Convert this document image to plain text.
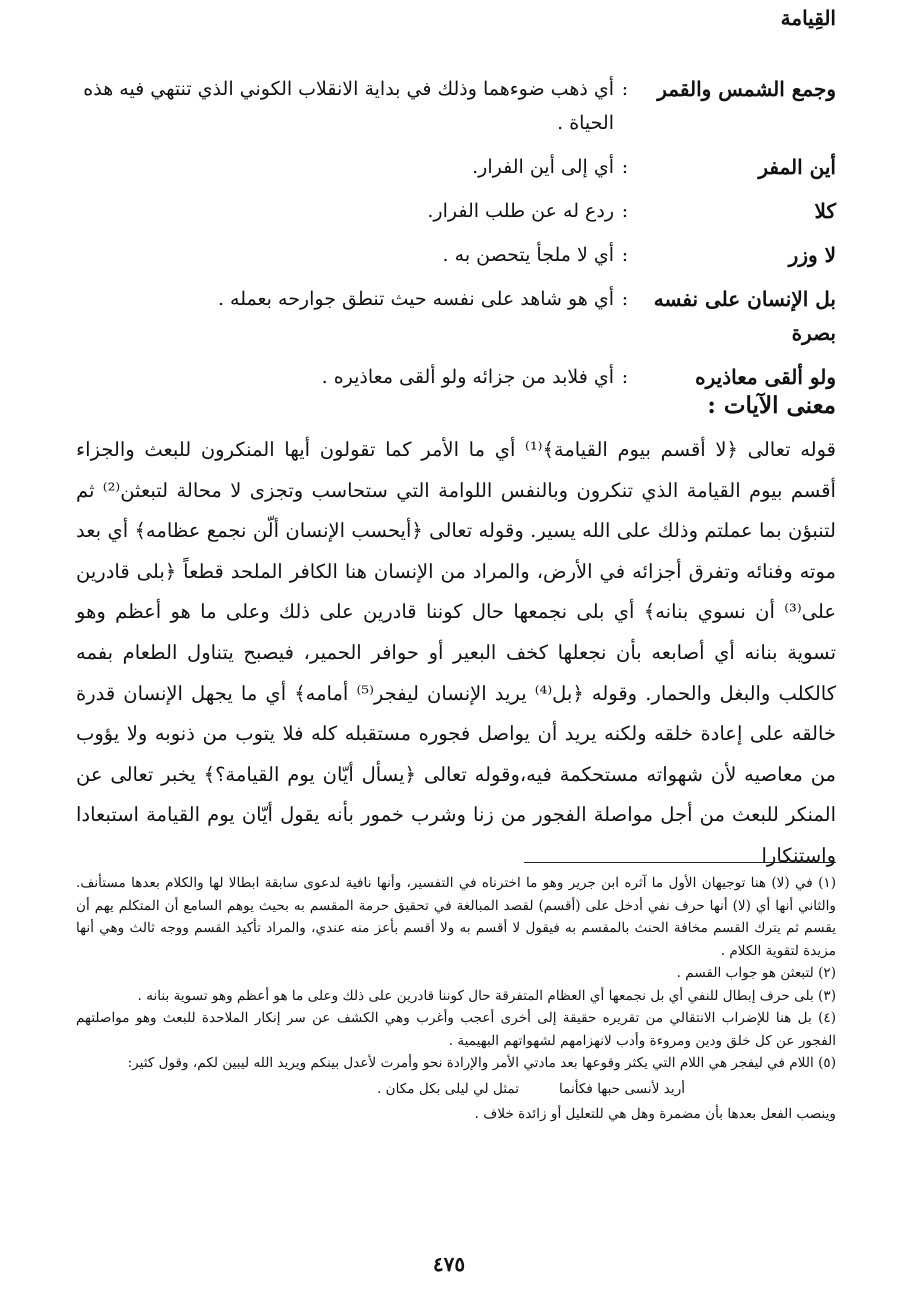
القِيامة
وجمع الشمس والقمر
:
أي ذهب ضوءهما وذلك في بداية الانقلاب الكوني الذي تنتهي فيه هذه الحياة .
أين المفر
:
أي إلى أين الفرار.
كلا
:
ردع له عن طلب الفرار.
لا وزر
:
أي لا ملجأ يتحصن به .
بل الإنسان على نفسه بصرة
:
أي هو شاهد على نفسه حيث تنطق جوارحه بعمله .
ولو ألقى معاذيره
:
أي فلابد من جزائه ولو ألقى معاذيره .
معنى الآيات :
قوله تعالى ﴿لا أقسم بيوم القيامة﴾⁽¹⁾ أي ما الأمر كما تقولون أيها المنكرون للبعث والجزاء أقسم بيوم القيامة الذي تنكرون وبالنفس اللوامة التي ستحاسب وتجزى لا محالة لتبعثن⁽²⁾ ثم لتنبؤن بما عملتم وذلك على الله يسير. وقوله تعالى ﴿أيحسب الإنسان ألّن نجمع عظامه﴾ أي بعد موته وفنائه وتفرق أجزائه في الأرض، والمراد من الإنسان هنا الكافر الملحد قطعاً ﴿بلى قادرين على⁽³⁾ أن نسوي بنانه﴾ أي بلى نجمعها حال كوننا قادرين على ذلك وعلى ما هو أعظم وهو تسوية بنانه أي أصابعه بأن نجعلها كخف البعير أو حوافر الحمير، فيصبح يتناول الطعام بفمه كالكلب والبغل والحمار. وقوله ﴿بل⁽⁴⁾ يريد الإنسان ليفجر⁽⁵⁾ أمامه﴾ أي ما يجهل الإنسان قدرة خالقه على إعادة خلقه ولكنه يريد أن يواصل فجوره مستقبله كله فلا يتوب من ذنوبه ولا يؤوب من معاصيه لأن شهواته مستحكمة فيه،وقوله تعالى ﴿يسأل أيّان يوم القيامة؟﴾ يخبر تعالى عن المنكر للبعث من أجل مواصلة الفجور من زنا وشرب خمور بأنه يقول أيّان يوم القيامة استبعادا واستنكارا
(١) في (لا) هنا توجيهان الأول ما آثره ابن جرير وهو ما اخترناه في التفسير، وأنها نافية لدعوى سابقة ابطالا لها والكلام بعدها مستأنف. والثاني أنها أي (لا) أنها حرف نفي أدخل على (أقسم) لقصد المبالغة في تحقيق حرمة المقسم به بحيث يوهم السامع أن المتكلم يهم أن يقسم ثم يترك القسم مخافة الحنث بالمقسم به فيقول لا أقسم به ولا أقسم بأعز منه عندي، والمراد تأكيد القسم ووجه ثالث وهي أنها مزيدة لتقوية الكلام .
(٢) لتبعثن هو جواب القسم .
(٣) بلى حرف إبطال للنفي أي بل نجمعها أي العظام المتفرقة حال كوننا قادرين على ذلك وعلى ما هو أعظم وهو تسوية بنانه .
(٤) بل هنا للإضراب الانتقالي من تقريره حقيقة إلى أخرى أعجب وأغرب وهي الكشف عن سر إنكار الملاحدة للبعث وهو مواصلتهم الفجور عن كل خلق ودين ومروءة وأدب لانهزامهم لشهواتهم البهيمية .
(٥) اللام في ليفجر هي اللام التي يكثر وقوعها بعد مادتي الأمر والإرادة نحو وأمرت لأعدل بينكم ويريد الله ليبين لكم، وقول كثير:
أريد لأنسى حبها فكأنما
تمثل لي ليلى بكل مكان .
وينصب الفعل بعدها بأن مضمرة وهل هي للتعليل أو زائدة خلاف .
٤٧٥
